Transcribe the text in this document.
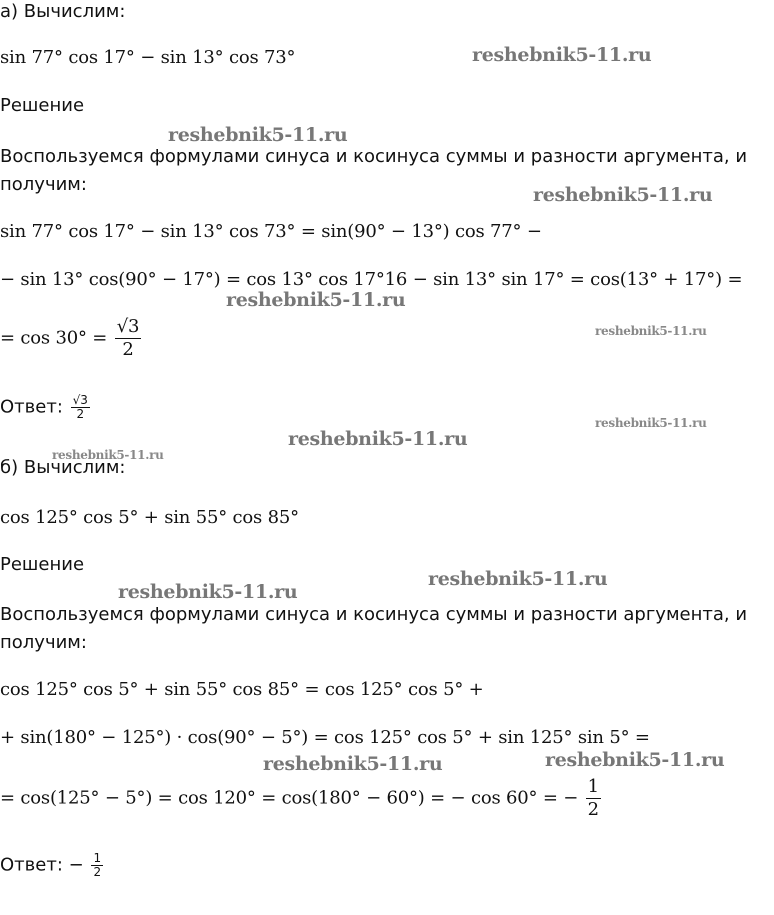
а) Вычислим:
sin 77° cos 17° − sin 13° cos 73°
Решение
Воспользуемся формулами синуса и косинуса суммы и разности аргумента, и
получим:
sin 77° cos 17° − sin 13° cos 73° = sin(90° − 13°) cos 77° −
− sin 13° cos(90° − 17°) = cos 13° cos 17°16 − sin 13° sin 17° = cos(13° + 17°) =
= $\cos 30^\circ = \frac{√3}{2}$
Ответ: $\frac{√3}{2}$
б) Вычислим:
cos 125° cos 5° + sin 55° cos 85°
Решение
Воспользуемся формулами синуса и косинуса суммы и разности аргумента, и
получим:
cos 125° cos 5° + sin 55° cos 85° = cos 125° cos 5° +
+ sin(180° − 125°) · cos(90° − 5°) = cos 125° cos 5° + sin 125° sin 5° =
= cos(125° − 5°) = cos 120° = cos(180° − 60°) = − cos 60° = − $\frac{1}{2}$
Ответ: − $\frac{1}{2}$
reshebnik5-11.ru
reshebnik5-11.ru
reshebnik5-11.ru
reshebnik5-11.ru
reshebnik5-11.ru
reshebnik5-11.ru
reshebnik5-11.ru
reshebnik5-11.ru
reshebnik5-11.ru
reshebnik5-11.ru
reshebnik5-11.ru	reshebnik5-11.ru
